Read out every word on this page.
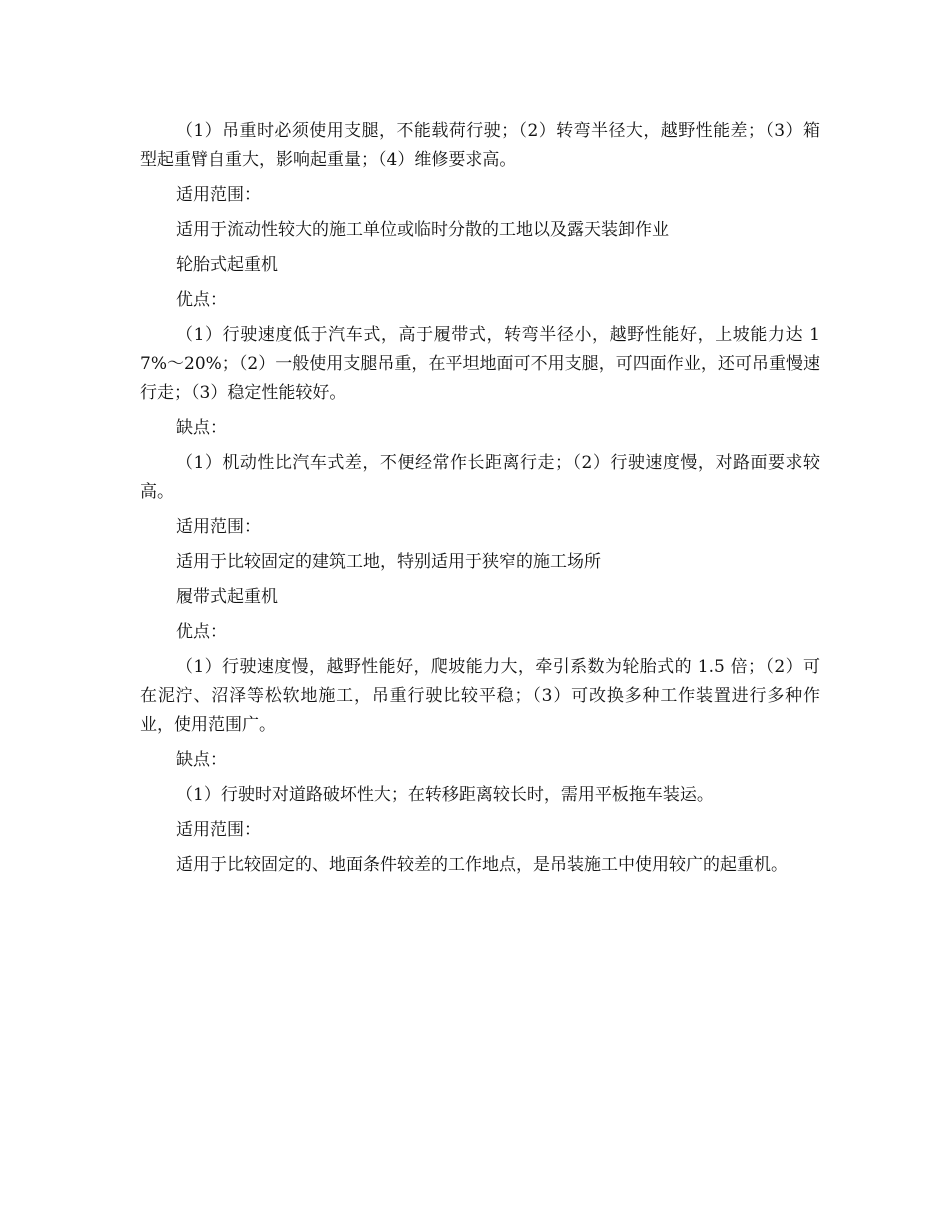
（1）吊重时必须使用支腿，不能载荷行驶；（2）转弯半径大，越野性能差；（3）箱型起重臂自重大，影响起重量；（4）维修要求高。

适用范围：

适用于流动性较大的施工单位或临时分散的工地以及露天装卸作业

轮胎式起重机

优点：

（1）行驶速度低于汽车式，高于履带式，转弯半径小，越野性能好，上坡能力达 17%～20%；（2）一般使用支腿吊重，在平坦地面可不用支腿，可四面作业，还可吊重慢速行走；（3）稳定性能较好。

缺点：

（1）机动性比汽车式差，不便经常作长距离行走；（2）行驶速度慢，对路面要求较高。

适用范围：

适用于比较固定的建筑工地，特别适用于狭窄的施工场所

履带式起重机

优点：

（1）行驶速度慢，越野性能好，爬坡能力大，牵引系数为轮胎式的 1.5 倍；（2）可在泥泞、沼泽等松软地施工，吊重行驶比较平稳；（3）可改换多种工作装置进行多种作业，使用范围广。

缺点：

（1）行驶时对道路破坏性大；在转移距离较长时，需用平板拖车装运。

适用范围：

适用于比较固定的、地面条件较差的工作地点，是吊装施工中使用较广的起重机。
